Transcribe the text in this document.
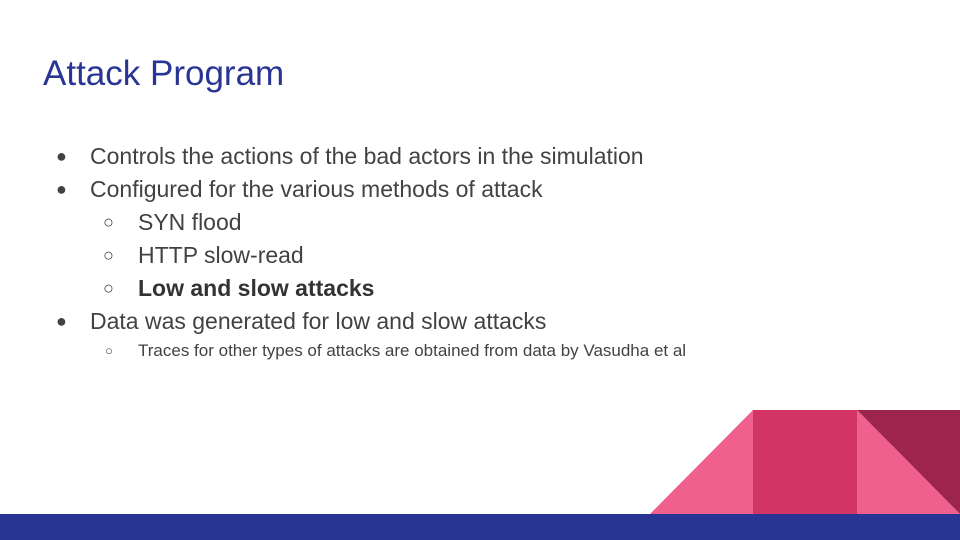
Attack Program
● Controls the actions of the bad actors in the simulation
● Configured for the various methods of attack
○ SYN flood
○ HTTP slow-read
○ Low and slow attacks
● Data was generated for low and slow attacks
○ Traces for other types of attacks are obtained from data by Vasudha et al
